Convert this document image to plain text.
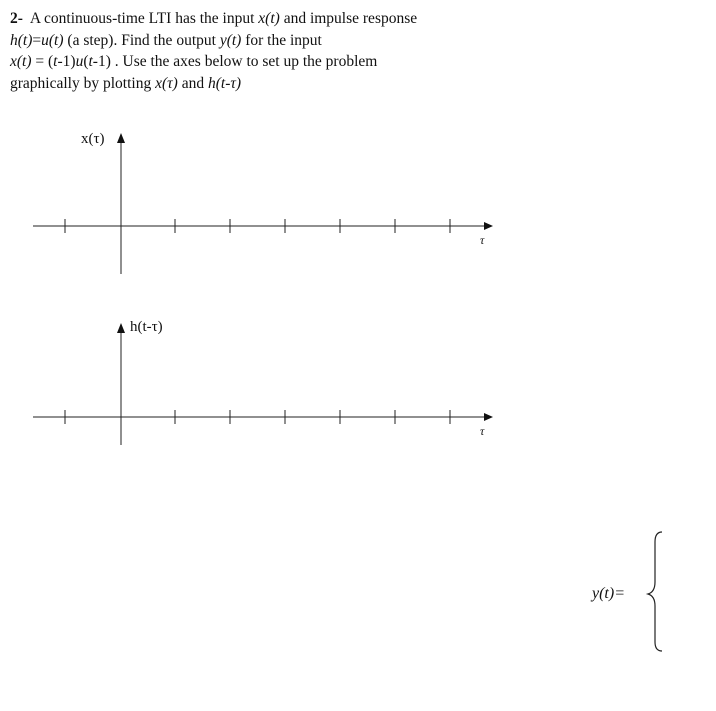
2- A continuous-time LTI has the input x(t) and impulse response
h(t)=u(t) (a step). Find the output y(t) for the input
x(t) = (t-1)u(t-1) . Use the axes below to set up the problem
graphically by plotting x(τ) and h(t-τ)
x(τ)
τ
h(t-τ)
τ
y(t)=
